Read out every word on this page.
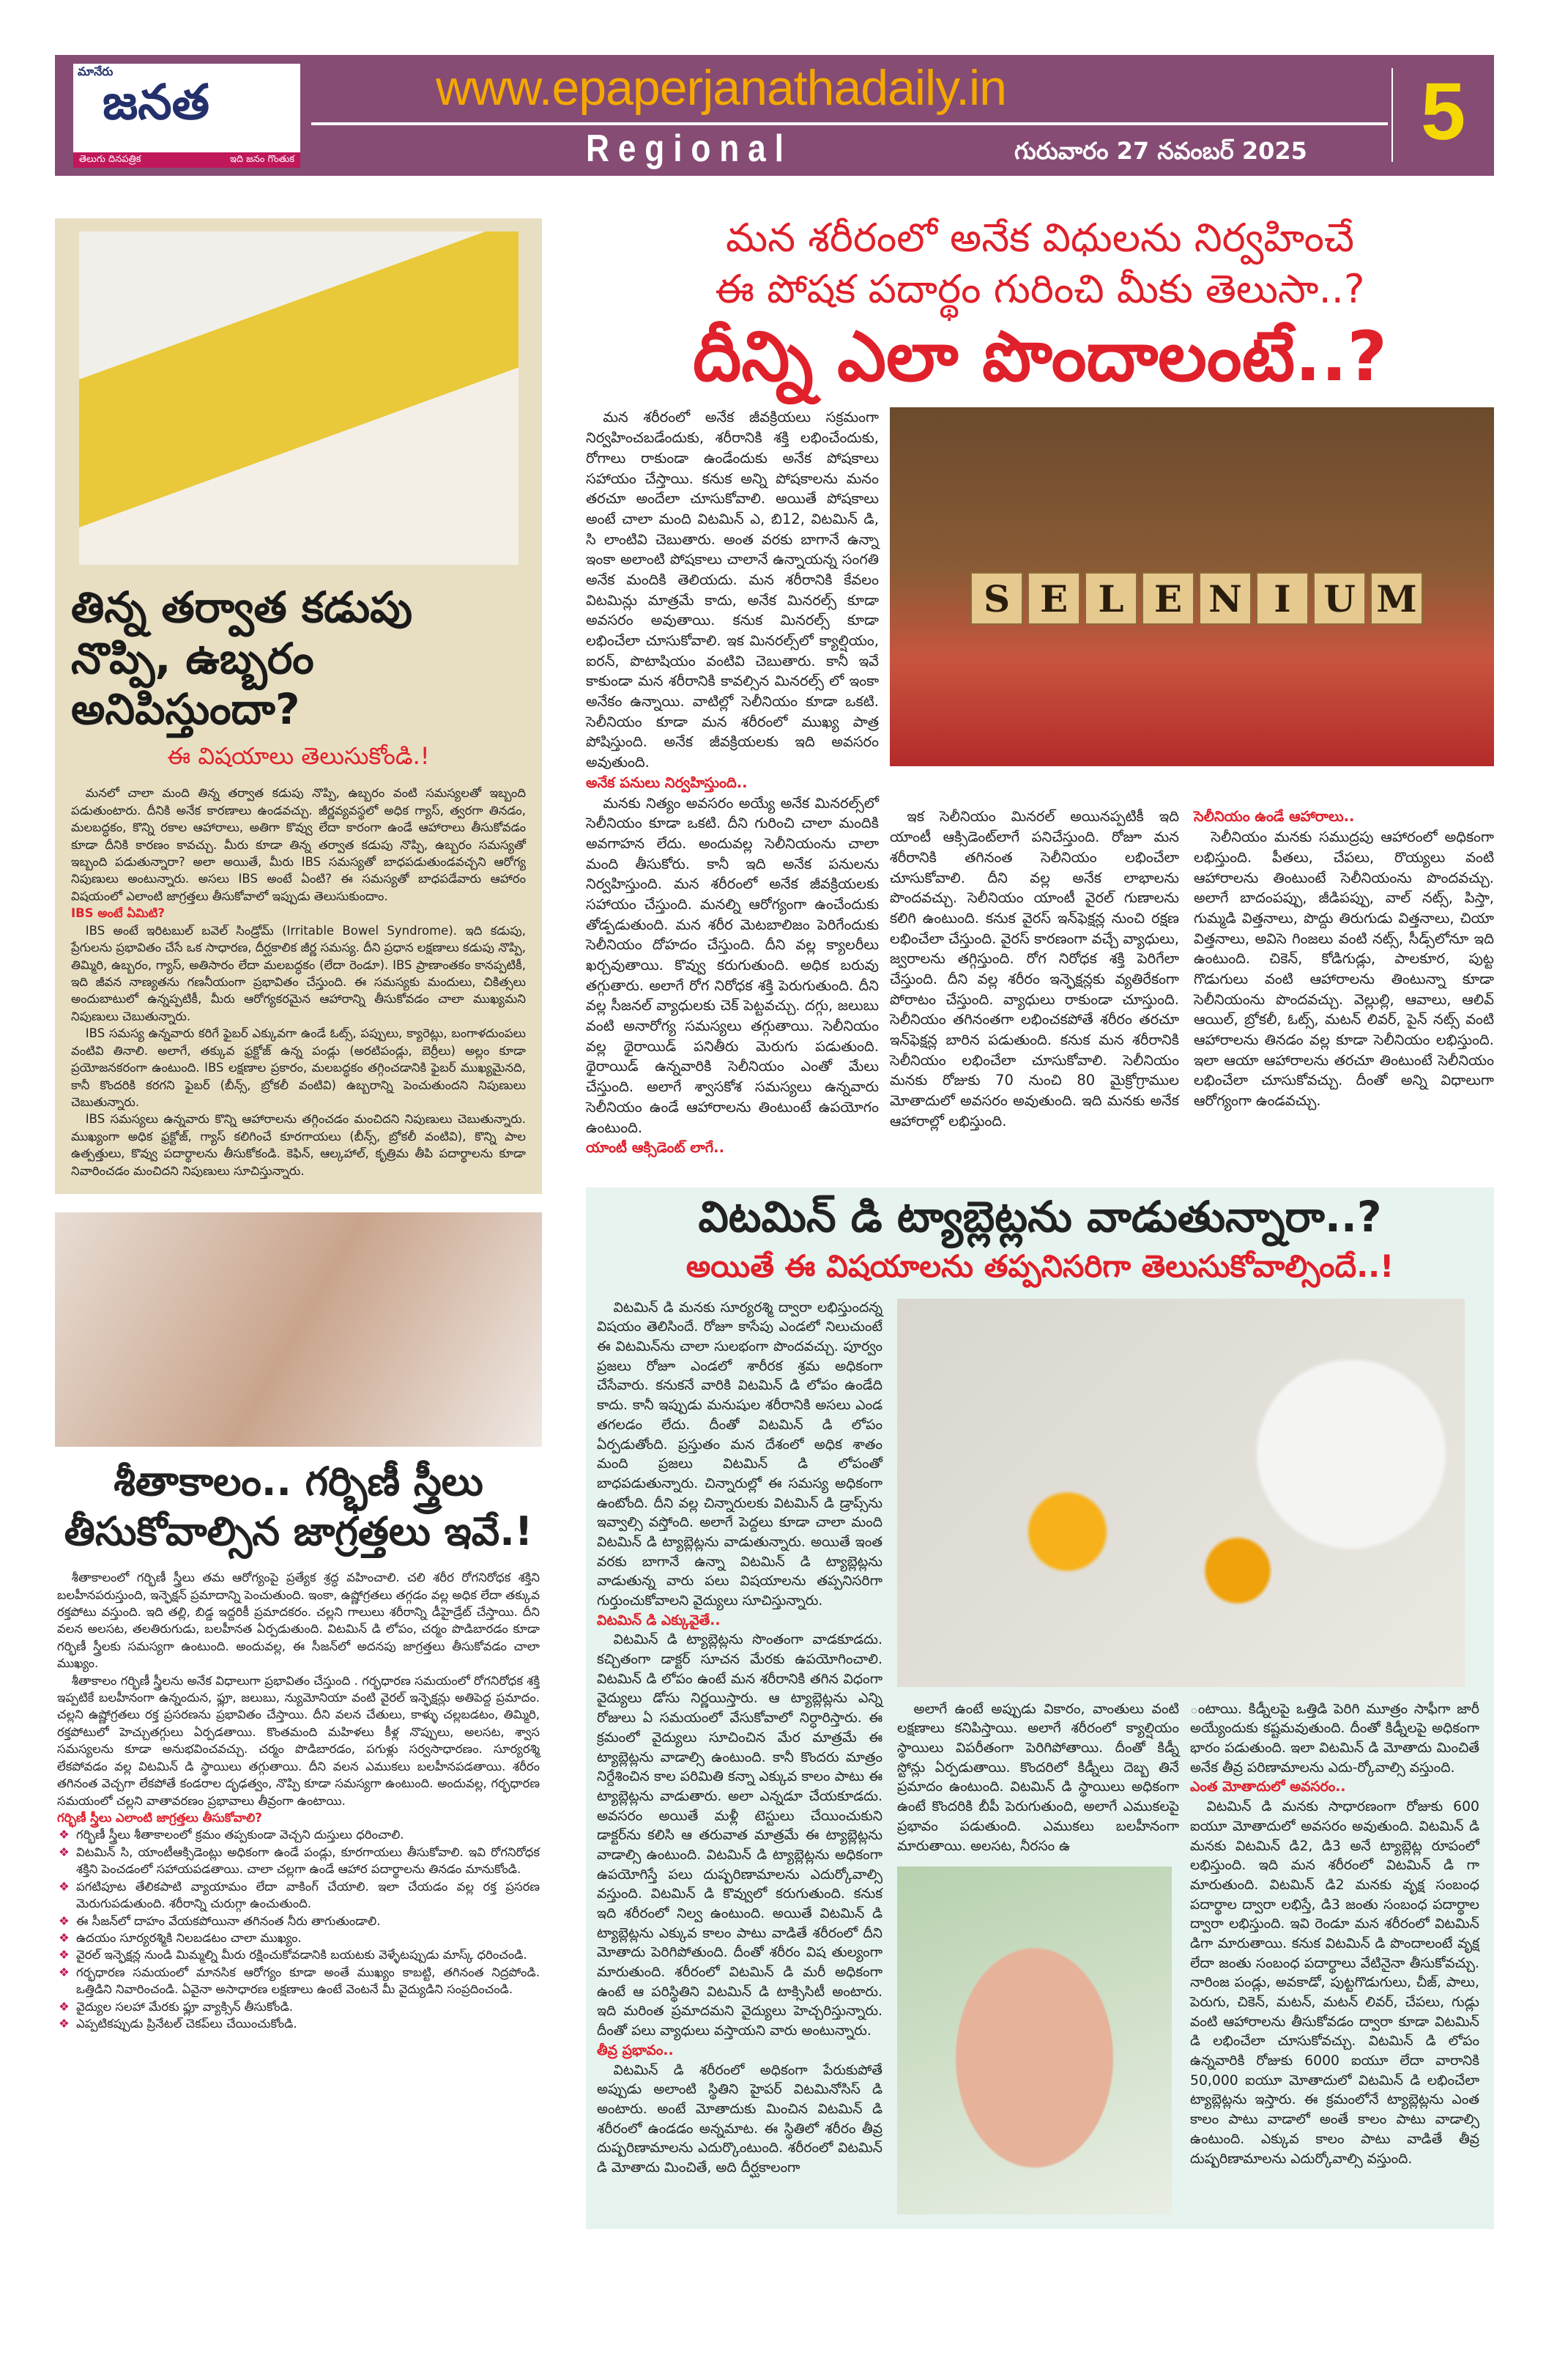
మానేరు
జనత
తెలుగు దినపత్రిక	ఇది జనం గొంతుక
www.epaperjanathadaily.in
Regional	గురువారం 27 నవంబర్ 2025 5
తిన్న తర్వాత కడుపు నొప్పి, ఉబ్బరం అనిపిస్తుందా?
ఈ విషయాలు తెలుసుకోండి.!

మనలో చాలా మంది తిన్న తర్వాత కడుపు నొప్పి, ఉబ్బరం వంటి సమస్యలతో ఇబ్బంది పడుతుంటారు. దీనికి అనేక కారణాలు ఉండవచ్చు. జీర్ణవ్యవస్థలో అధిక గ్యాస్, త్వరగా తినడం, మలబద్ధకం, కొన్ని రకాల ఆహారాలు, అతిగా కొవ్వు లేదా కారంగా ఉండే ఆహారాలు తీసుకోవడం కూడా దీనికి కారణం కావచ్చు. మీరు కూడా తిన్న తర్వాత కడుపు నొప్పి, ఉబ్బరం సమస్యతో ఇబ్బంది పడుతున్నారా? అలా అయితే, మీరు IBS సమస్యతో బాధపడుతుండవచ్చని ఆరోగ్య నిపుణులు అంటున్నారు. అసలు IBS అంటే ఏంటి? ఈ సమస్యతో బాధపడేవారు ఆహారం విషయంలో ఎలాంటి జాగ్రత్తలు తీసుకోవాలో ఇప్పుడు తెలుసుకుందాం.

IBS అంటే ఏమిటి?

IBS అంటే ఇరిటబుల్ బవెల్ సిండ్రోమ్ (Irritable Bowel Syndrome). ఇది కడుపు, ప్రేగులను ప్రభావితం చేసే ఒక సాధారణ, దీర్ఘకాలిక జీర్ణ సమస్య. దీని ప్రధాన లక్షణాలు కడుపు నొప్పి, తిమ్మిరి, ఉబ్బరం, గ్యాస్, అతిసారం లేదా మలబద్ధకం (లేదా రెండూ). IBS ప్రాణాంతకం కానప్పటికీ, ఇది జీవన నాణ్యతను గణనీయంగా ప్రభావితం చేస్తుంది. ఈ సమస్యకు మందులు, చికిత్సలు అందుబాటులో ఉన్నప్పటికీ, మీరు ఆరోగ్యకరమైన ఆహారాన్ని తీసుకోవడం చాలా ముఖ్యమని నిపుణులు చెబుతున్నారు.

IBS సమస్య ఉన్నవారు కరిగే ఫైబర్ ఎక్కువగా ఉండే ఓట్స్, పప్పులు, క్యారెట్లు, బంగాళదుంపలు వంటివి తినాలి. అలాగే, తక్కువ ఫ్రక్టోజ్ ఉన్న పండ్లు (అరటిపండ్లు, బెర్రీలు) అల్లం కూడా ప్రయోజనకరంగా ఉంటుంది. IBS లక్షణాల ప్రకారం, మలబద్ధకం తగ్గించడానికి ఫైబర్ ముఖ్యమైనది, కానీ కొందరికి కరగని ఫైబర్ (బీన్స్, బ్రోకలీ వంటివి) ఉబ్బరాన్ని పెంచుతుందని నిపుణులు చెబుతున్నారు.

IBS సమస్యలు ఉన్నవారు కొన్ని ఆహారాలను తగ్గించడం మంచిదని నిపుణులు చెబుతున్నారు. ముఖ్యంగా అధిక ఫ్రక్టోజ్, గ్యాస్ కలిగించే కూరగాయలు (బీన్స్, బ్రోకలీ వంటివి), కొన్ని పాల ఉత్పత్తులు, కొవ్వు పదార్థాలను తీసుకోకండి. కెఫిన్, ఆల్కహాల్, కృత్రిమ తీపి పదార్థాలను కూడా నివారించడం మంచిదని నిపుణులు సూచిస్తున్నారు.

శీతాకాలం.. గర్భిణీ స్త్రీలు
తీసుకోవాల్సిన జాగ్రత్తలు ఇవే.!

శీతాకాలంలో గర్భిణీ స్త్రీలు తమ ఆరోగ్యంపై ప్రత్యేక శ్రద్ధ వహించాలి. చలి శరీర రోగనిరోధక శక్తిని బలహీనపరుస్తుంది, ఇన్ఫెక్షన్ ప్రమాదాన్ని పెంచుతుంది. ఇంకా, ఉష్ణోగ్రతలు తగ్గడం వల్ల అధిక లేదా తక్కువ రక్తపోటు వస్తుంది. ఇది తల్లి, బిడ్డ ఇద్దరికీ ప్రమాదకరం. చల్లని గాలులు శరీరాన్ని డీహైడ్రేట్ చేస్తాయి. దీని వలన అలసట, తలతిరుగుడు, బలహీనత ఏర్పడుతుంది. విటమిన్ డి లోపం, చర్మం పొడిబారడం కూడా గర్భిణీ స్త్రీలకు సమస్యగా ఉంటుంది. అందువల్ల, ఈ సీజన్‌లో అదనపు జాగ్రత్తలు తీసుకోవడం చాలా ముఖ్యం.

శీతాకాలం గర్భిణీ స్త్రీలను అనేక విధాలుగా ప్రభావితం చేస్తుంది . గర్భధారణ సమయంలో రోగనిరోధక శక్తి ఇప్పటికే బలహీనంగా ఉన్నందున, ఫ్లూ, జలుబు, న్యుమోనియా వంటి వైరల్ ఇన్ఫెక్షన్లు అతిపెద్ద ప్రమాదం. చల్లని ఉష్ణోగ్రతలు రక్త ప్రసరణను ప్రభావితం చేస్తాయి. దీని వలన చేతులు, కాళ్ళు చల్లబడటం, తిమ్మిరి, రక్తపోటులో హెచ్చుతగ్గులు ఏర్పడతాయి. కొంతమంది మహిళలు కీళ్ల నొప్పులు, అలసట, శ్వాస సమస్యలను కూడా అనుభవించవచ్చు. చర్మం పొడిబారడం, పగుళ్లు సర్వసాధారణం. సూర్యరశ్మి లేకపోవడం వల్ల విటమిన్ డి స్థాయిలు తగ్గుతాయి. దీని వలన ఎముకలు బలహీనపడతాయి. శరీరం తగినంత వెచ్చగా లేకపోతే కండరాల దృఢత్వం, నొప్పి కూడా సమస్యగా ఉంటుంది. అందువల్ల, గర్భధారణ సమయంలో చల్లని వాతావరణం ప్రభావాలు తీవ్రంగా ఉంటాయి.

గర్భిణీ స్త్రీలు ఎలాంటి జాగ్రత్తలు తీసుకోవాలి?

❖ గర్భిణీ స్త్రీలు శీతాకాలంలో క్రమం తప్పకుండా వెచ్చని దుస్తులు ధరించాలి.
❖ విటమిన్ సి, యాంటీఆక్సిడెంట్లు అధికంగా ఉండే పండ్లు, కూరగాయలు తీసుకోవాలి. ఇవి రోగనిరోధక శక్తిని పెంచడంలో సహాయపడతాయి. చాలా చల్లగా ఉండే ఆహార పదార్థాలను తినడం మానుకోండి.
❖ పగటిపూట తేలికపాటి వ్యాయామం లేదా వాకింగ్ చేయాలి. ఇలా చేయడం వల్ల రక్త ప్రసరణ మెరుగుపడుతుంది. శరీరాన్ని చురుగ్గా ఉంచుతుంది.
❖ ఈ సీజన్‌లో దాహం వేయకపోయినా తగినంత నీరు తాగుతుండాలి.
❖ ఉదయం సూర్యరశ్మికి నిలబడటం చాలా ముఖ్యం.
❖ వైరల్ ఇన్ఫెక్షన్ల నుండి మిమ్మల్ని మీరు రక్షించుకోవడానికి బయటకు వెళ్ళేటప్పుడు మాస్క్ ధరించండి.
❖ గర్భధారణ సమయంలో మానసిక ఆరోగ్యం కూడా అంతే ముఖ్యం కాబట్టి, తగినంత నిద్రపోండి. ఒత్తిడిని నివారించండి. ఏవైనా అసాధారణ లక్షణాలు ఉంటే వెంటనే మీ వైద్యుడిని సంప్రదించండి.
❖ వైద్యుల సలహా మేరకు ఫ్లూ వ్యాక్సిన్ తీసుకోండి.
❖ ఎప్పటికప్పుడు ప్రినేటల్ చెకప్‌లు చేయించుకోండి.
మన శరీరంలో అనేక విధులను నిర్వహించే
ఈ పోషక పదార్థం గురించి మీకు తెలుసా..?
దీన్ని ఎలా పొందాలంటే..?

మన శరీరంలో అనేక జీవక్రియలు సక్రమంగా నిర్వహించబడేందుకు, శరీరానికి శక్తి లభించేందుకు, రోగాలు రాకుండా ఉండేందుకు అనేక పోషకాలు సహాయం చేస్తాయి. కనుక అన్ని పోషకాలను మనం తరచూ అందేలా చూసుకోవాలి. అయితే పోషకాలు అంటే చాలా మంది విటమిన్ ఎ, బి12, విటమిన్ డి, సి లాంటివి చెబుతారు. అంత వరకు బాగానే ఉన్నా ఇంకా అలాంటి పోషకాలు చాలానే ఉన్నాయన్న సంగతి అనేక మందికి తెలియదు. మన శరీరానికి కేవలం విటమిన్లు మాత్రమే కాదు, అనేక మినరల్స్ కూడా అవసరం అవుతాయి. కనుక మినరల్స్ కూడా లభించేలా చూసుకోవాలి. ఇక మినరల్స్‌లో క్యాల్షియం, ఐరన్, పొటాషియం వంటివి చెబుతారు. కానీ ఇవే కాకుండా మన శరీరానికి కావల్సిన మినరల్స్ లో ఇంకా అనేకం ఉన్నాయి. వాటిల్లో సెలీనియం కూడా ఒకటి. సెలీనియం కూడా మన శరీరంలో ముఖ్య పాత్ర పోషిస్తుంది. అనేక జీవక్రియలకు ఇది అవసరం అవుతుంది.

అనేక పనులు నిర్వహిస్తుంది..

మనకు నిత్యం అవసరం అయ్యే అనేక మినరల్స్‌లో సెలీనియం కూడా ఒకటి. దీని గురించి చాలా మందికి అవగాహన లేదు. అందువల్ల సెలీనియంను చాలా మంది తీసుకోరు. కానీ ఇది అనేక పనులను నిర్వహిస్తుంది. మన శరీరంలో అనేక జీవక్రియలకు సహాయం చేస్తుంది. మనల్ని ఆరోగ్యంగా ఉంచేందుకు తోడ్పడుతుంది. మన శరీర మెటబాలిజం పెరిగేందుకు సెలీనియం దోహదం చేస్తుంది. దీని వల్ల క్యాలరీలు ఖర్చవుతాయి. కొవ్వు కరుగుతుంది. అధిక బరువు తగ్గుతారు. అలాగే రోగ నిరోధక శక్తి పెరుగుతుంది. దీని వల్ల సీజనల్ వ్యాధులకు చెక్ పెట్టవచ్చు. దగ్గు, జలుబు వంటి అనారోగ్య సమస్యలు తగ్గుతాయి. సెలీనియం వల్ల థైరాయిడ్ పనితీరు మెరుగు పడుతుంది. థైరాయిడ్ ఉన్నవారికి సెలీనియం ఎంతో మేలు చేస్తుంది. అలాగే శ్వాసకోశ సమస్యలు ఉన్నవారు సెలీనియం ఉండే ఆహారాలను తింటుంటే ఉపయోగం ఉంటుంది.

యాంటీ ఆక్సిడెంట్ లాగే..

S E L E N I U M

ఇక సెలీనియం మినరల్ అయినప్పటికీ ఇది యాంటీ ఆక్సిడెంట్‌లాగే పనిచేస్తుంది. రోజూ మన శరీరానికి తగినంత సెలీనియం లభించేలా చూసుకోవాలి. దీని వల్ల అనేక లాభాలను పొందవచ్చు. సెలీనియం యాంటీ వైరల్ గుణాలను కలిగి ఉంటుంది. కనుక వైరస్ ఇన్‌ఫెక్షన్ల నుంచి రక్షణ లభించేలా చేస్తుంది. వైరస్ కారణంగా వచ్చే వ్యాధులు, జ్వరాలను తగ్గిస్తుంది. రోగ నిరోధక శక్తి పెరిగేలా చేస్తుంది. దీని వల్ల శరీరం ఇన్ఫెక్షన్లకు వ్యతిరేకంగా పోరాటం చేస్తుంది. వ్యాధులు రాకుండా చూస్తుంది. సెలీనియం తగినంతగా లభించకపోతే శరీరం తరచూ ఇన్‌ఫెక్షన్ల బారిన పడుతుంది. కనుక మన శరీరానికి సెలీనియం లభించేలా చూసుకోవాలి. సెలీనియం మనకు రోజుకు 70 నుంచి 80 మైక్రోగ్రాముల మోతాదులో అవసరం అవుతుంది. ఇది మనకు అనేక ఆహారాల్లో లభిస్తుంది.

సెలీనియం ఉండే ఆహారాలు..

సెలీనియం మనకు సముద్రపు ఆహారంలో అధికంగా లభిస్తుంది. పీతలు, చేపలు, రొయ్యలు వంటి ఆహారాలను తింటుంటే సెలీనియంను పొందవచ్చు. అలాగే బాదంపప్పు, జీడిపప్పు, వాల్ నట్స్, పిస్తా, గుమ్మడి విత్తనాలు, పొద్దు తిరుగుడు విత్తనాలు, చియా విత్తనాలు, అవిసె గింజలు వంటి నట్స్, సీడ్స్‌లోనూ ఇది ఉంటుంది. చికెన్, కోడిగుడ్లు, పాలకూర, పుట్ట గొడుగులు వంటి ఆహారాలను తింటున్నా కూడా సెలీనియంను పొందవచ్చు. వెల్లుల్లి, ఆవాలు, ఆలివ్ ఆయిల్, బ్రోకలీ, ఓట్స్, మటన్ లివర్, పైన్ నట్స్ వంటి ఆహారాలను తినడం వల్ల కూడా సెలీనియం లభిస్తుంది. ఇలా ఆయా ఆహారాలను తరచూ తింటుంటే సెలీనియం లభించేలా చూసుకోవచ్చు. దీంతో అన్ని విధాలుగా ఆరోగ్యంగా ఉండవచ్చు.

విటమిన్ డి ట్యాబ్లెట్లను వాడుతున్నారా..?
అయితే ఈ విషయాలను తప్పనిసరిగా తెలుసుకోవాల్సిందే..!

విటమిన్ డి మనకు సూర్యరశ్మి ద్వారా లభిస్తుందన్న విషయం తెలిసిందే. రోజూ కాసేపు ఎండలో నిలుచుంటే ఈ విటమిన్‌ను చాలా సులభంగా పొందవచ్చు. పూర్వం ప్రజలు రోజూ ఎండలో శారీరక శ్రమ అధికంగా చేసేవారు. కనుకనే వారికి విటమిన్ డి లోపం ఉండేది కాదు. కానీ ఇప్పుడు మనుషుల శరీరానికి అసలు ఎండ తగలడం లేదు. దీంతో విటమిన్ డి లోపం ఏర్పడుతోంది. ప్రస్తుతం మన దేశంలో అధిక శాతం మంది ప్రజలు విటమిన్ డి లోపంతో బాధపడుతున్నారు. చిన్నారుల్లో ఈ సమస్య అధికంగా ఉంటోంది. దీని వల్ల చిన్నారులకు విటమిన్ డి డ్రాప్స్‌ను ఇవ్వాల్సి వస్తోంది. అలాగే పెద్దలు కూడా చాలా మంది విటమిన్ డి ట్యాబ్లెట్లను వాడుతున్నారు. అయితే ఇంత వరకు బాగానే ఉన్నా విటమిన్ డి ట్యాబ్లెట్లను వాడుతున్న వారు పలు విషయాలను తప్పనిసరిగా గుర్తుంచుకోవాలని వైద్యులు సూచిస్తున్నారు.

విటమిన్ డి ఎక్కువైతే..

విటమిన్ డి ట్యాబ్లెట్లను సొంతంగా వాడకూడదు. కచ్చితంగా డాక్టర్ సూచన మేరకు ఉపయోగించాలి. విటమిన్ డి లోపం ఉంటే మన శరీరానికి తగిన విధంగా వైద్యులు డోసు నిర్ణయిస్తారు. ఆ ట్యాబ్లెట్లను ఎన్ని రోజులు ఏ సమయంలో వేసుకోవాలో నిర్ధారిస్తారు. ఈ క్రమంలో వైద్యులు సూచించిన మేర మాత్రమే ఈ ట్యాబ్లెట్లను వాడాల్సి ఉంటుంది. కానీ కొందరు మాత్రం నిర్దేశించిన కాల పరిమితి కన్నా ఎక్కువ కాలం పాటు ఈ ట్యాబ్లెట్లను వాడుతారు. అలా ఎన్నడూ చేయకూడదు. అవసరం అయితే మళ్లీ టెస్టులు చేయించుకుని డాక్టర్‌ను కలిసి ఆ తరువాత మాత్రమే ఈ ట్యాబ్లెట్లను వాడాల్సి ఉంటుంది. విటమిన్ డి ట్యాబ్లెట్లను అధికంగా ఉపయోగిస్తే పలు దుష్పరిణామాలను ఎదుర్కోవాల్సి వస్తుంది. విటమిన్ డి కొవ్వులో కరుగుతుంది. కనుక ఇది శరీరంలో నిల్వ ఉంటుంది. అయితే విటమిన్ డి ట్యాబ్లెట్లను ఎక్కువ కాలం పాటు వాడితే శరీరంలో దీని మోతాదు పెరిగిపోతుంది. దీంతో శరీరం విష తుల్యంగా మారుతుంది. శరీరంలో విటమిన్ డి మరీ అధికంగా ఉంటే ఆ పరిస్థితిని విటమిన్ డి టాక్సిసిటీ అంటారు. ఇది మరింత ప్రమాదమని వైద్యులు హెచ్చరిస్తున్నారు. దీంతో పలు వ్యాధులు వస్తాయని వారు అంటున్నారు.

తీవ్ర ప్రభావం..

విటమిన్ డి శరీరంలో అధికంగా పేరుకుపోతే అప్పుడు అలాంటి స్థితిని హైపర్ విటమినోసిస్ డి అంటారు. అంటే మోతాదుకు మించిన విటమిన్ డి శరీరంలో ఉండడం అన్నమాట. ఈ స్థితిలో శరీరం తీవ్ర దుష్పరిణామాలను ఎదుర్కొంటుంది. శరీరంలో విటమిన్ డి మోతాదు మించితే, అది దీర్ఘకాలంగా

అలాగే ఉంటే అప్పుడు వికారం, వాంతులు వంటి లక్షణాలు కనిపిస్తాయి. అలాగే శరీరంలో క్యాల్షియం స్థాయిలు విపరీతంగా పెరిగిపోతాయి. దీంతో కిడ్నీ స్టోన్లు ఏర్పడుతాయి. కొందరిలో కిడ్నీలు దెబ్బ తినే ప్రమాదం ఉంటుంది. విటమిన్ డి స్థాయిలు అధికంగా ఉంటే కొందరికి బీపీ పెరుగుతుంది, అలాగే ఎముకలపై ప్రభావం పడుతుంది. ఎముకలు బలహీనంగా మారుతాయి. అలసట, నీరసం ఉ

ంటాయి. కిడ్నీలపై ఒత్తిడి పెరిగి మూత్రం సాఫీగా జారీ అయ్యేందుకు కష్టమవుతుంది. దీంతో కిడ్నీలపై అధికంగా భారం పడుతుంది. ఇలా విటమిన్ డి మోతాదు మించితే అనేక తీవ్ర పరిణామాలను ఎదు-ర్కోవాల్సి వస్తుంది.

ఎంత మోతాదులో అవసరం..

విటమిన్ డి మనకు సాధారణంగా రోజుకు 600 ఐయూ మోతాదులో అవసరం అవుతుంది. విటమిన్ డి మనకు విటమిన్ డి2, డి3 అనే ట్యాబ్లెట్ల రూపంలో లభిస్తుంది. ఇది మన శరీరంలో విటమిన్ డి గా మారుతుంది. విటమిన్ డి2 మనకు వృక్ష సంబంధ పదార్థాల ద్వారా లభిస్తే, డి3 జంతు సంబంధ పదార్థాల ద్వారా లభిస్తుంది. ఇవి రెండూ మన శరీరంలో విటమిన్ డిగా మారుతాయి. కనుక విటమిన్ డి పొందాలంటే వృక్ష లేదా జంతు సంబంధ పదార్థాలు వేటినైనా తీసుకోవచ్చు. నారింజ పండ్లు, అవకాడో, పుట్టగొడుగులు, చీజ్, పాలు, పెరుగు, చికెన్, మటన్, మటన్ లివర్, చేపలు, గుడ్లు వంటి ఆహారాలను తీసుకోవడం ద్వారా కూడా విటమిన్ డి లభించేలా చూసుకోవచ్చు. విటమిన్ డి లోపం ఉన్నవారికి రోజుకు 6000 ఐయూ లేదా వారానికి 50,000 ఐయూ మోతాదులో విటమిన్ డి లభించేలా ట్యాబ్లెట్లను ఇస్తారు. ఈ క్రమంలోనే ట్యాబ్లెట్లను ఎంత కాలం పాటు వాడాలో అంతే కాలం పాటు వాడాల్సి ఉంటుంది. ఎక్కువ కాలం పాటు వాడితే తీవ్ర దుష్పరిణామాలను ఎదుర్కోవాల్సి వస్తుంది.
